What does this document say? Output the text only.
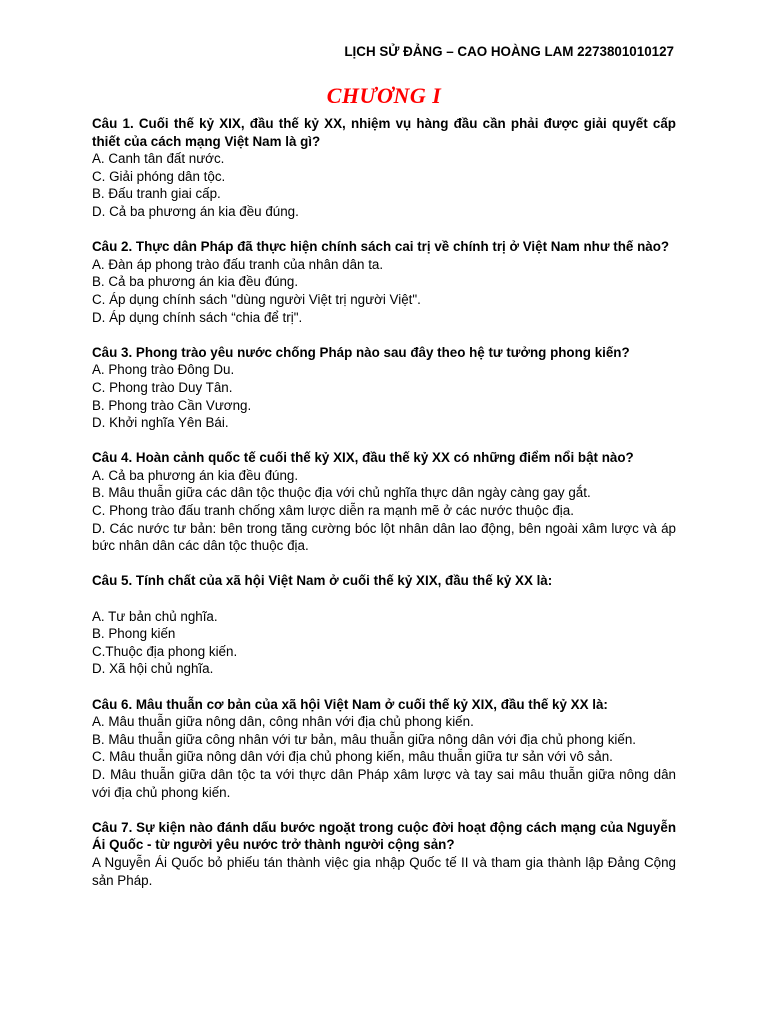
LỊCH SỬ ĐẢNG – CAO HOÀNG LAM 2273801010127
CHƯƠNG I
Câu 1. Cuối thế kỷ XIX, đầu thế kỷ XX, nhiệm vụ hàng đầu cần phải được giải quyết cấp thiết của cách mạng Việt Nam là gì?
A. Canh tân đất nước.
C. Giải phóng dân tộc.
B. Đấu tranh giai cấp.
D. Cả ba phương án kia đều đúng.
Câu 2. Thực dân Pháp đã thực hiện chính sách cai trị về chính trị ở Việt Nam như thế nào?
A. Đàn áp phong trào đấu tranh của nhân dân ta.
B. Cả ba phương án kia đều đúng.
C. Áp dụng chính sách "dùng người Việt trị người Việt".
D. Áp dụng chính sách “chia để trị".
Câu 3. Phong trào yêu nước chống Pháp nào sau đây theo hệ tư tưởng phong kiến?
A. Phong trào Đông Du.
C. Phong trào Duy Tân.
B. Phong trào Cần Vương.
D. Khởi nghĩa Yên Bái.
Câu 4. Hoàn cảnh quốc tế cuối thế kỷ XIX, đầu thế kỷ XX có những điểm nổi bật nào?
A. Cả ba phương án kia đều đúng.
B. Mâu thuẫn giữa các dân tộc thuộc địa với chủ nghĩa thực dân ngày càng gay gắt.
C. Phong trào đấu tranh chống xâm lược diễn ra mạnh mẽ ở các nước thuộc địa.
D. Các nước tư bản: bên trong tăng cường bóc lột nhân dân lao động, bên ngoài xâm lược và áp bức nhân dân các dân tộc thuộc địa.
Câu 5. Tính chất của xã hội Việt Nam ở cuối thế kỷ XIX, đầu thế kỷ XX là:
A. Tư bản chủ nghĩa.
B. Phong kiến
C.Thuộc địa phong kiến.
D. Xã hội chủ nghĩa.
Câu 6. Mâu thuẫn cơ bản của xã hội Việt Nam ở cuối thế kỷ XIX, đầu thế kỷ XX là:
A. Mâu thuẫn giữa nông dân, công nhân với địa chủ phong kiến.
B. Mâu thuẫn giữa công nhân với tư bản, mâu thuẫn giữa nông dân với địa chủ phong kiến.
C. Mâu thuẫn giữa nông dân với địa chủ phong kiến, mâu thuẫn giữa tư sản với vô sản.
D. Mâu thuẫn giữa dân tộc ta với thực dân Pháp xâm lược và tay sai mâu thuẫn giữa nông dân với địa chủ phong kiến.
Câu 7. Sự kiện nào đánh dấu bước ngoặt trong cuộc đời hoạt động cách mạng của Nguyễn Ái Quốc - từ người yêu nước trở thành người cộng sản?
A Nguyễn Ái Quốc bỏ phiếu tán thành việc gia nhập Quốc tế II và tham gia thành lập Đảng Cộng sản Pháp.
